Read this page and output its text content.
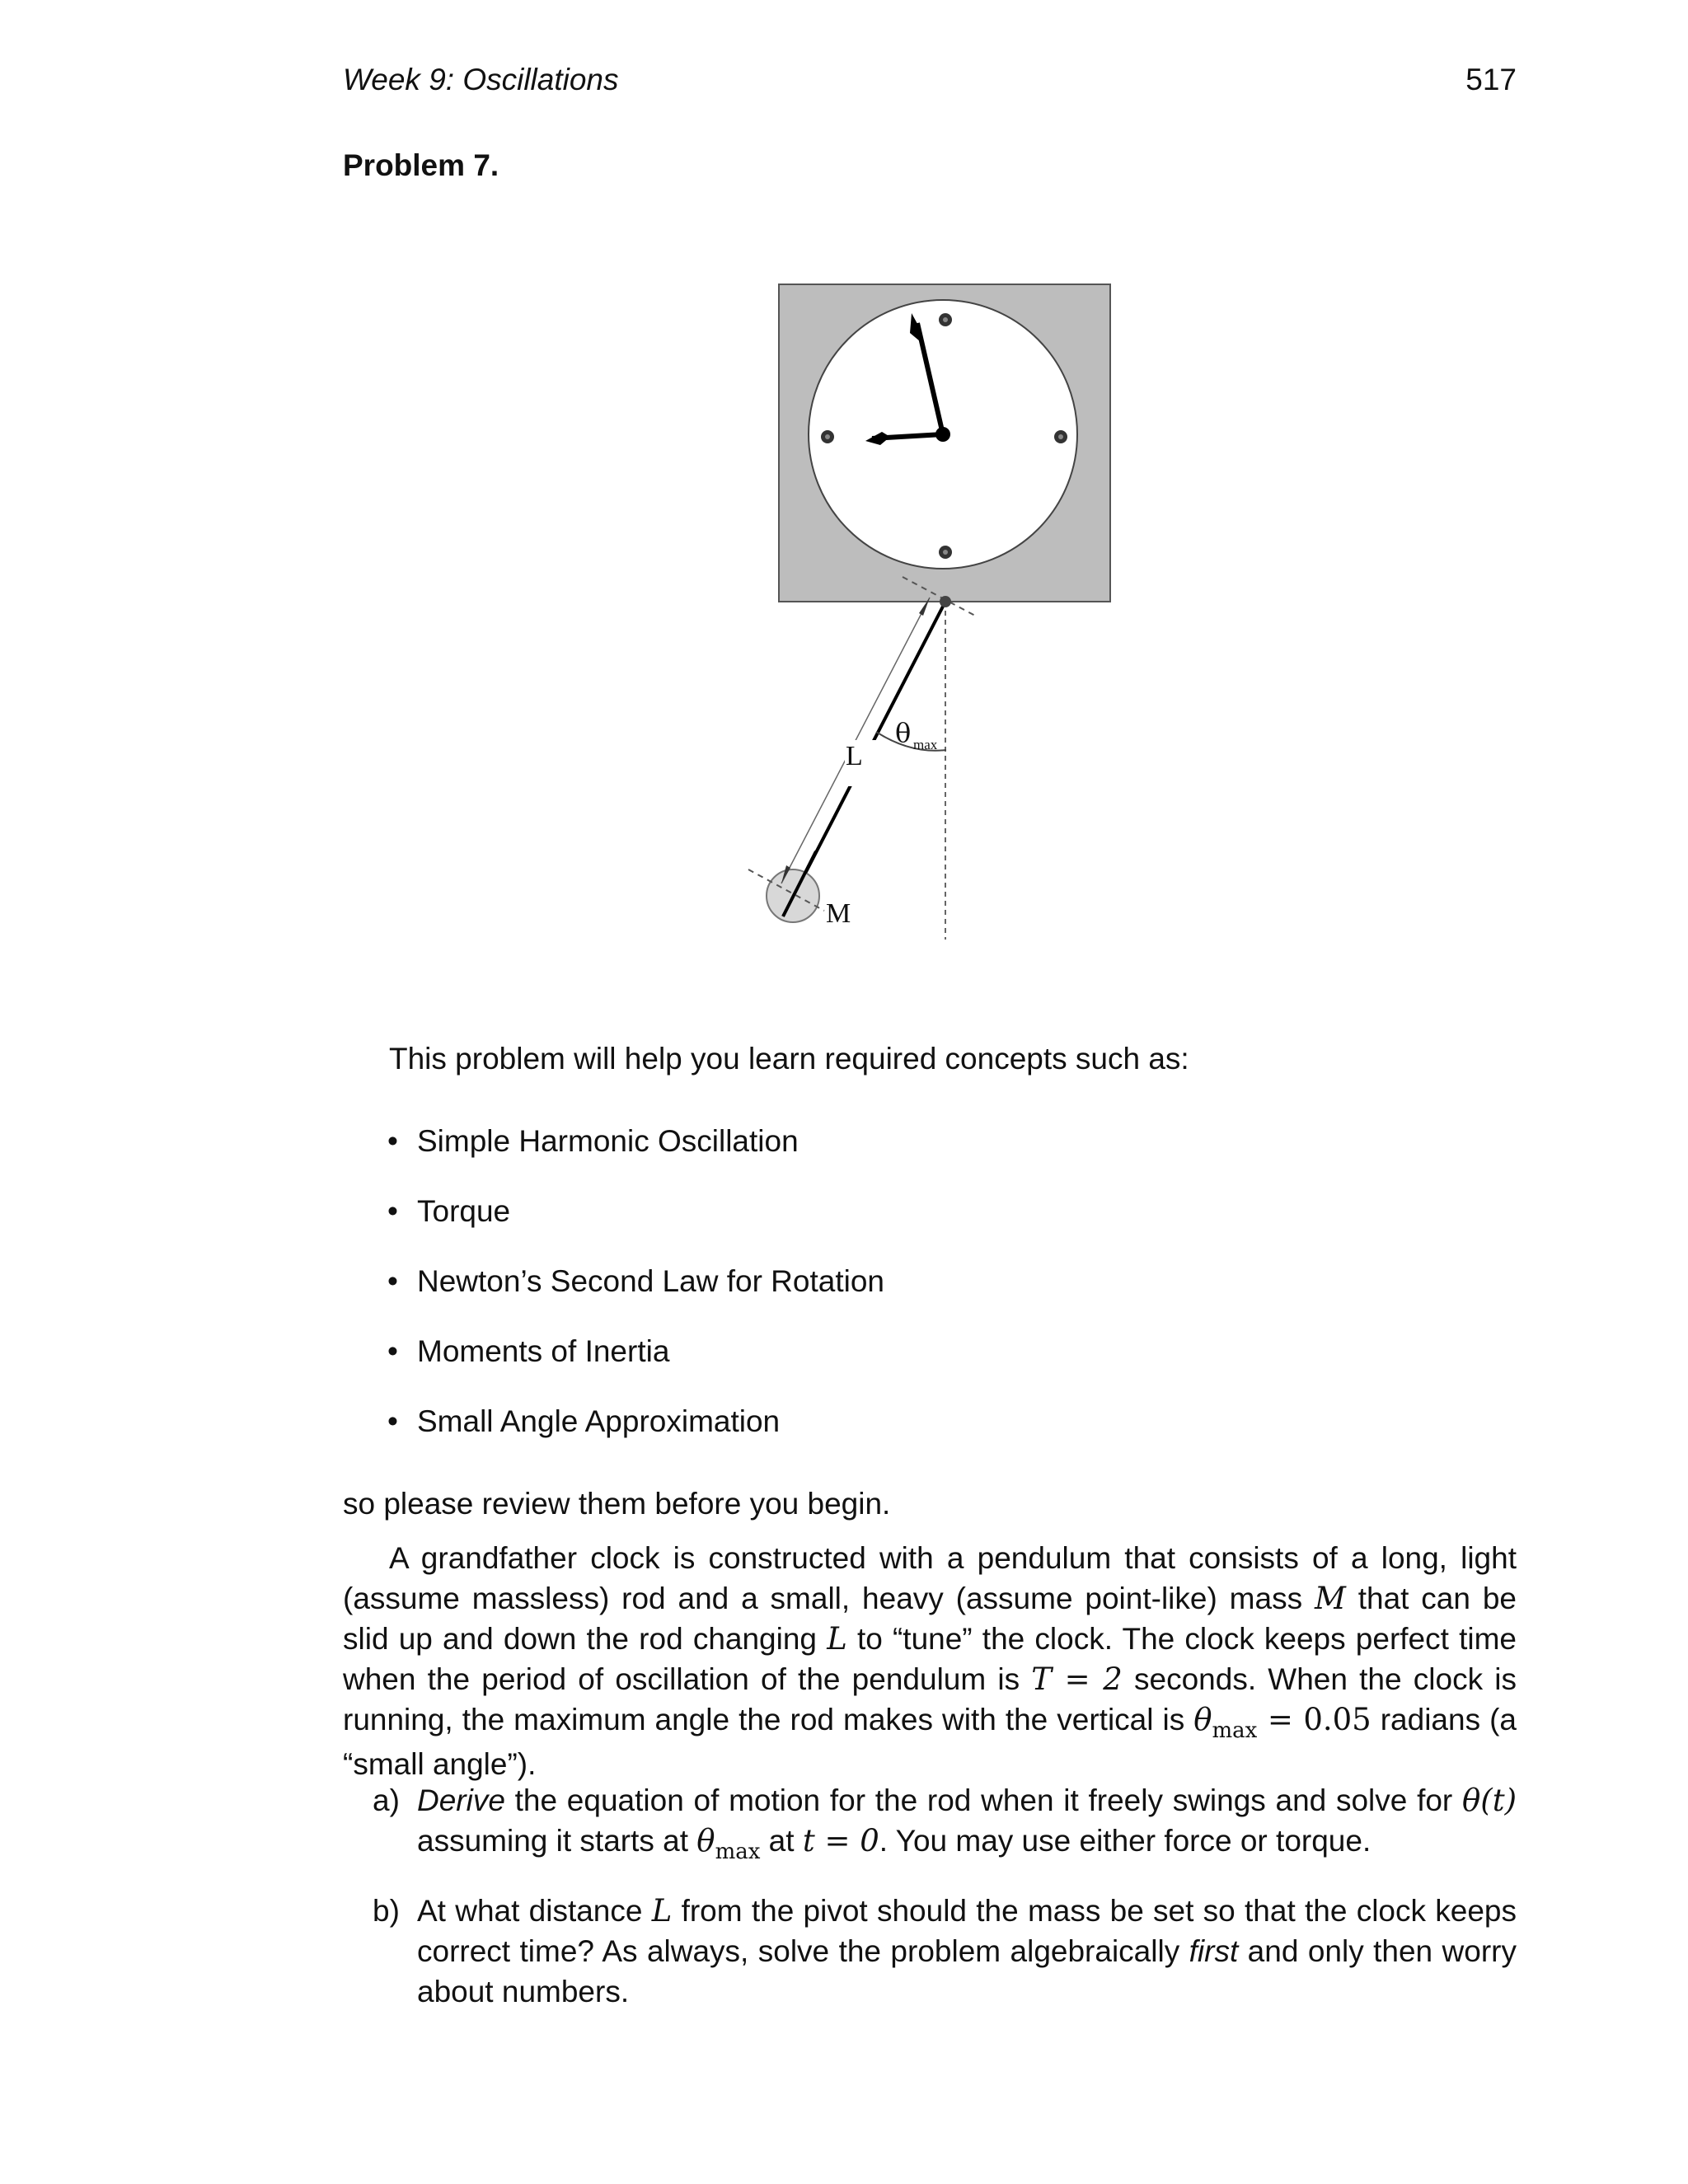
Week 9: Oscillations	517
Problem 7.
L
θ max
M
This problem will help you learn required concepts such as:
• Simple Harmonic Oscillation
• Torque
• Newton’s Second Law for Rotation
• Moments of Inertia
• Small Angle Approximation
so please review them before you begin.

A grandfather clock is constructed with a pendulum that consists of a long, light (assume massless) rod and a small, heavy (assume point-like) mass M that can be slid up and down the rod changing L to “tune” the clock. The clock keeps perfect time when the period of oscillation of the pendulum is T = 2 seconds. When the clock is running, the maximum angle the rod makes with the vertical is $\theta_{max} = 0.05$ radians (a “small angle”).

a) Derive the equation of motion for the rod when it freely swings and solve for θ(t) assuming it starts at $\theta_{max}$ at t = 0. You may use either force or torque.
b) At what distance L from the pivot should the mass be set so that the clock keeps correct time? As always, solve the problem algebraically first and only then worry about numbers.
